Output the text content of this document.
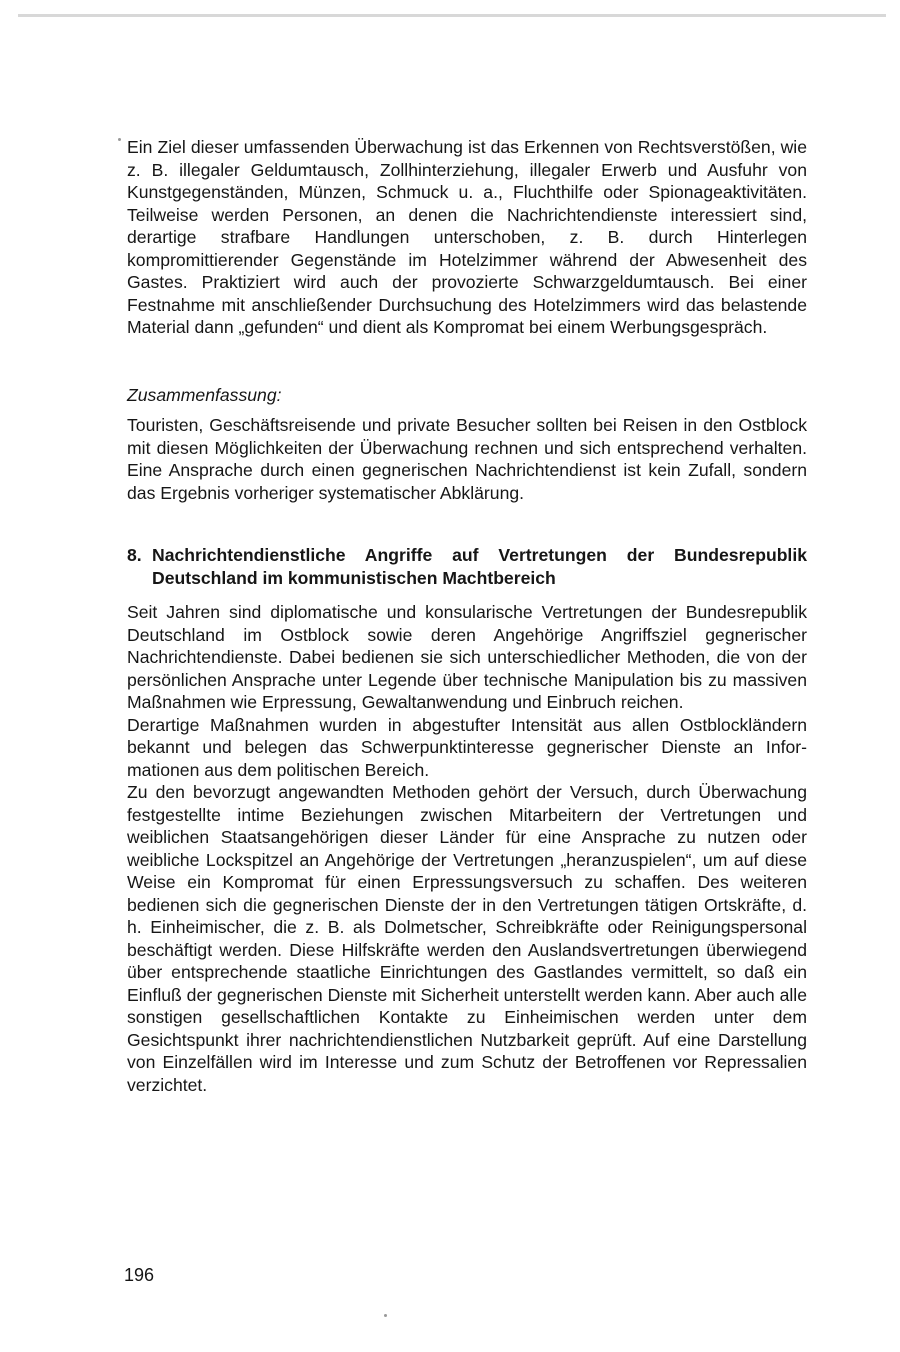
Ein Ziel dieser umfassenden Überwachung ist das Erkennen von Rechtsverstößen, wie z. B. illegaler Geldumtausch, Zollhinterziehung, illegaler Erwerb und Ausfuhr von Kunstgegenständen, Münzen, Schmuck u. a., Fluchthilfe oder Spionageaktivitäten. Teilweise werden Personen, an denen die Nachrichtendienste interessiert sind, derartige strafbare Handlungen unterschoben, z. B. durch Hinterlegen kompromittierender Gegenstände im Hotelzimmer während der Abwesenheit des Gastes. Praktiziert wird auch der provozierte Schwarzgeldumtausch. Bei einer Festnahme mit anschließender Durchsuchung des Hotelzimmers wird das belastende Material dann „gefunden“ und dient als Kompromat bei einem Werbungsgespräch.

Zusammenfassung:

Touristen, Geschäftsreisende und private Besucher sollten bei Reisen in den Ostblock mit diesen Möglichkeiten der Überwachung rechnen und sich entsprechend verhalten. Eine Ansprache durch einen gegnerischen Nachrichtendienst ist kein Zufall, sondern das Ergebnis vorheriger systematischer Abklärung.

8. Nachrichtendienstliche Angriffe auf Vertretungen der Bundesrepublik Deutschland im kommunistischen Machtbereich

Seit Jahren sind diplomatische und konsularische Vertretungen der Bundesrepublik Deutschland im Ostblock sowie deren Angehörige Angriffsziel gegnerischer Nachrichtendienste. Dabei bedienen sie sich unterschiedlicher Methoden, die von der persönlichen Ansprache unter Legende über technische Manipulation bis zu massiven Maßnahmen wie Erpressung, Gewaltanwendung und Einbruch reichen.

Derartige Maßnahmen wurden in abgestufter Intensität aus allen Ostblockländern bekannt und belegen das Schwerpunktinteresse gegnerischer Dienste an Informationen aus dem politischen Bereich.

Zu den bevorzugt angewandten Methoden gehört der Versuch, durch Überwachung festgestellte intime Beziehungen zwischen Mitarbeitern der Vertretungen und weiblichen Staatsangehörigen dieser Länder für eine Ansprache zu nutzen oder weibliche Lockspitzel an Angehörige der Vertretungen „heranzuspielen“, um auf diese Weise ein Kompromat für einen Erpressungsversuch zu schaffen. Des weiteren bedienen sich die gegnerischen Dienste der in den Vertretungen tätigen Ortskräfte, d. h. Einheimischer, die z. B. als Dolmetscher, Schreibkräfte oder Reinigungspersonal beschäftigt werden. Diese Hilfskräfte werden den Auslandsvertretungen überwiegend über entsprechende staatliche Einrichtungen des Gastlandes vermittelt, so daß ein Einfluß der gegnerischen Dienste mit Sicherheit unterstellt werden kann. Aber auch alle sonstigen gesellschaftlichen Kontakte zu Einheimischen werden unter dem Gesichtspunkt ihrer nachrichtendienstlichen Nutzbarkeit geprüft. Auf eine Darstellung von Einzelfällen wird im Interesse und zum Schutz der Betroffenen vor Repressalien verzichtet.

196
